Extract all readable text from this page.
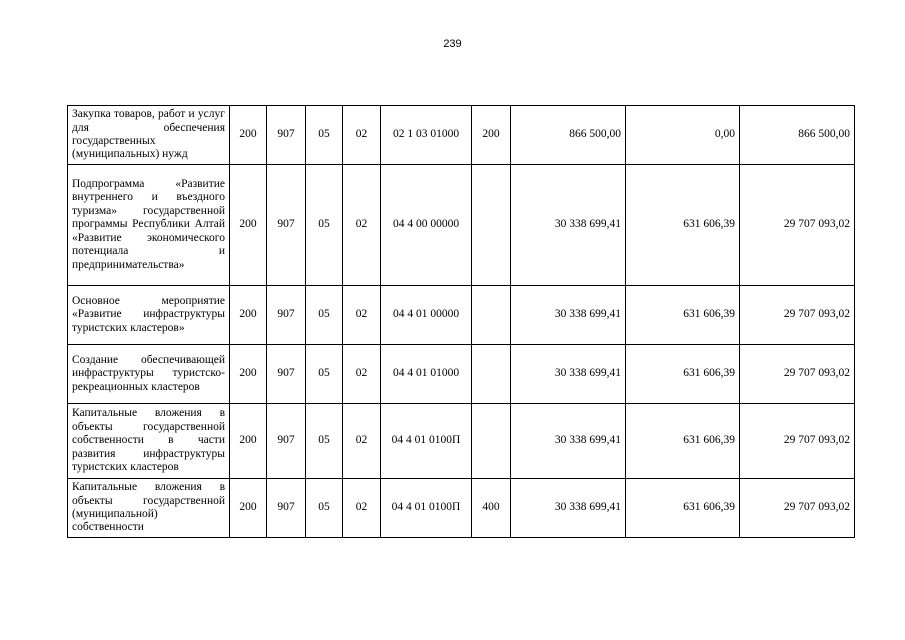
239
Закупка товаров, работ и услуг для обеспечения государственных (муниципальных) нужд	200	907	05	02	02 1 03 01000	200	866 500,00	0,00	866 500,00
Подпрограмма «Развитие внутреннего и въездного туризма» государственной программы Республики Алтай «Развитие экономического потенциала и предпринимательства»	200	907	05	02	04 4 00 00000		30 338 699,41	631 606,39	29 707 093,02
Основное мероприятие «Развитие инфраструктуры туристских кластеров»	200	907	05	02	04 4 01 00000		30 338 699,41	631 606,39	29 707 093,02
Создание обеспечивающей инфраструктуры туристско-рекреационных кластеров	200	907	05	02	04 4 01 01000		30 338 699,41	631 606,39	29 707 093,02
Капитальные вложения в объекты государственной собственности в части развития инфраструктуры туристских кластеров	200	907	05	02	04 4 01 0100П		30 338 699,41	631 606,39	29 707 093,02
Капитальные вложения в объекты государственной (муниципальной) собственности	200	907	05	02	04 4 01 0100П	400	30 338 699,41	631 606,39	29 707 093,02
